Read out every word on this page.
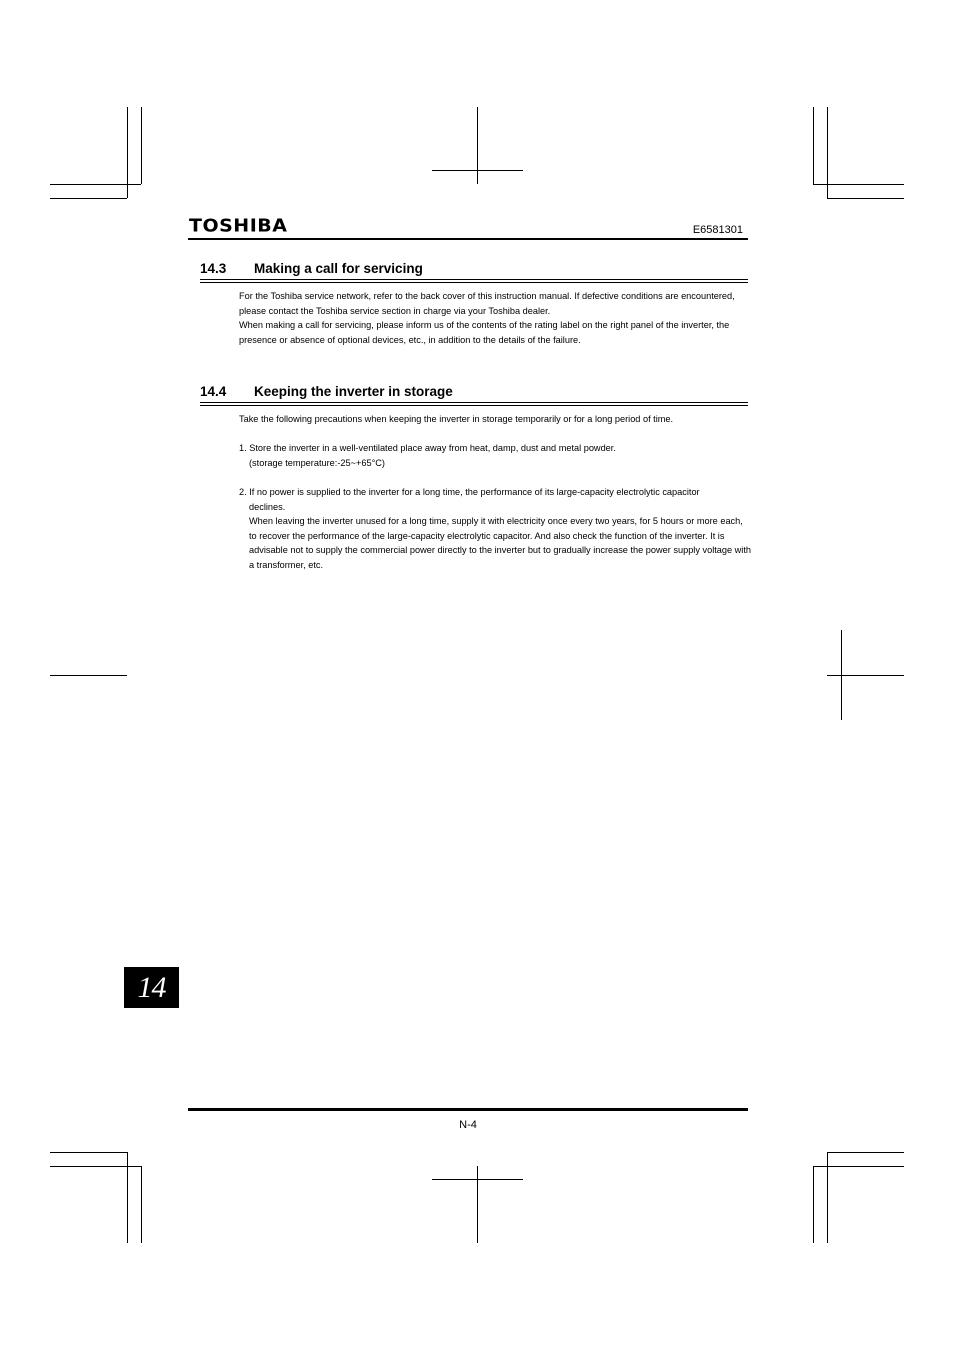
TOSHIBA	E6581301
14.3 Making a call for servicing

For the Toshiba service network, refer to the back cover of this instruction manual. If defective conditions are encountered, please contact the Toshiba service section in charge via your Toshiba dealer.

When making a call for servicing, please inform us of the contents of the rating label on the right panel of the inverter, the presence or absence of optional devices, etc., in addition to the details of the failure.

14.4 Keeping the inverter in storage

Take the following precautions when keeping the inverter in storage temporarily or for a long period of time.

1. Store the inverter in a well-ventilated place away from heat, damp, dust and metal powder.
(storage temperature:-25~+65°C)
2. If no power is supplied to the inverter for a long time, the performance of its large-capacity electrolytic capacitor
declines.
When leaving the inverter unused for a long time, supply it with electricity once every two years, for 5 hours or more each, to recover the performance of the large-capacity electrolytic capacitor. And also check the function of the inverter. It is advisable not to supply the commercial power directly to the inverter but to gradually increase the power supply voltage with a transformer, etc.
14
N-4
